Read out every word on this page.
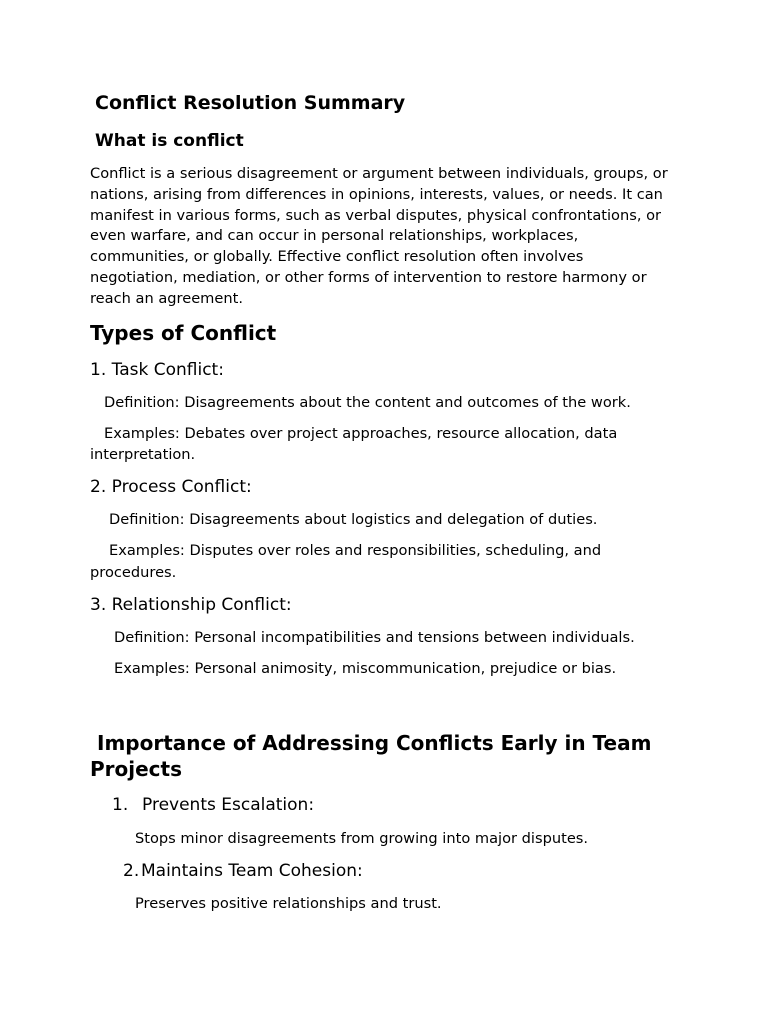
Conflict Resolution Summary
What is conflict
Conflict is a serious disagreement or argument between individuals, groups, or nations, arising from differences in opinions, interests, values, or needs. It can manifest in various forms, such as verbal disputes, physical confrontations, or even warfare, and can occur in personal relationships, workplaces, communities, or globally. Effective conflict resolution often involves negotiation, mediation, or other forms of intervention to restore harmony or reach an agreement.
Types of Conflict
1. Task Conflict:
Definition: Disagreements about the content and outcomes of the work.
Examples: Debates over project approaches, resource allocation, data
interpretation.
2. Process Conflict:
Definition: Disagreements about logistics and delegation of duties.
Examples: Disputes over roles and responsibilities, scheduling, and
procedures.
3. Relationship Conflict:
Definition: Personal incompatibilities and tensions between individuals.
Examples: Personal animosity, miscommunication, prejudice or bias.
Importance of Addressing Conflicts Early in Team Projects
1. Prevents Escalation:
Stops minor disagreements from growing into major disputes.
2. Maintains Team Cohesion:
Preserves positive relationships and trust.
